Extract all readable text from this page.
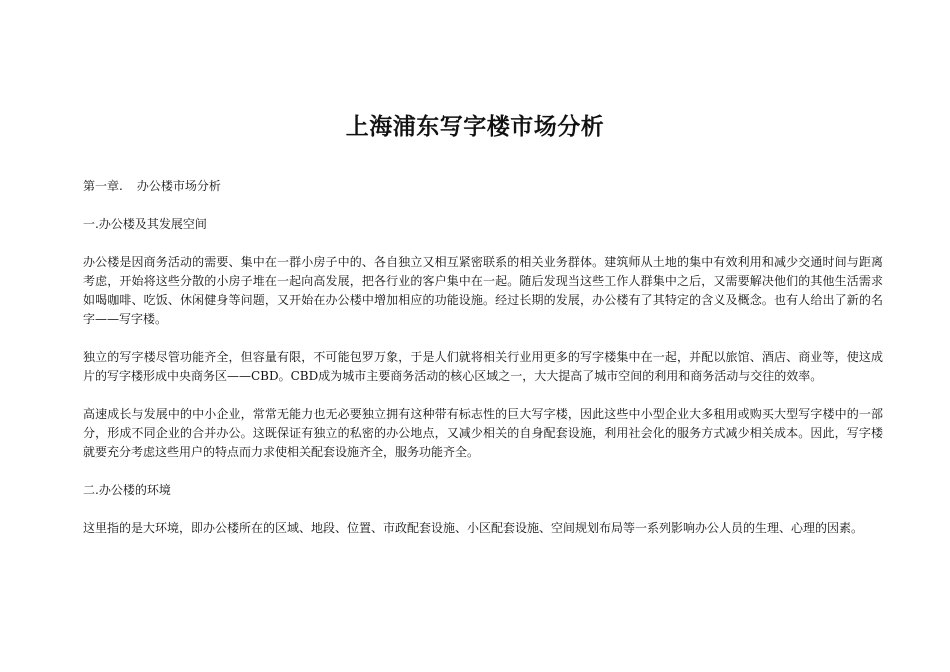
上海浦东写字楼市场分析

第一章. 办公楼市场分析

一.办公楼及其发展空间

办公楼是因商务活动的需要、集中在一群小房子中的、各自独立又相互紧密联系的相关业务群体。建筑师从土地的集中有效利用和减少交通时间与距离考虑，开始将这些分散的小房子堆在一起向高发展，把各行业的客户集中在一起。随后发现当这些工作人群集中之后，又需要解决他们的其他生活需求如喝咖啡、吃饭、休闲健身等问题，又开始在办公楼中增加相应的功能设施。经过长期的发展，办公楼有了其特定的含义及概念。也有人给出了新的名字——写字楼。

独立的写字楼尽管功能齐全，但容量有限，不可能包罗万象，于是人们就将相关行业用更多的写字楼集中在一起，并配以旅馆、酒店、商业等，使这成片的写字楼形成中央商务区——CBD。CBD成为城市主要商务活动的核心区域之一，大大提高了城市空间的利用和商务活动与交往的效率。

高速成长与发展中的中小企业，常常无能力也无必要独立拥有这种带有标志性的巨大写字楼，因此这些中小型企业大多租用或购买大型写字楼中的一部分，形成不同企业的合并办公。这既保证有独立的私密的办公地点，又减少相关的自身配套设施，利用社会化的服务方式减少相关成本。因此，写字楼就要充分考虑这些用户的特点而力求使相关配套设施齐全，服务功能齐全。

二.办公楼的环境

这里指的是大环境，即办公楼所在的区域、地段、位置、市政配套设施、小区配套设施、空间规划布局等一系列影响办公人员的生理、心理的因素。
